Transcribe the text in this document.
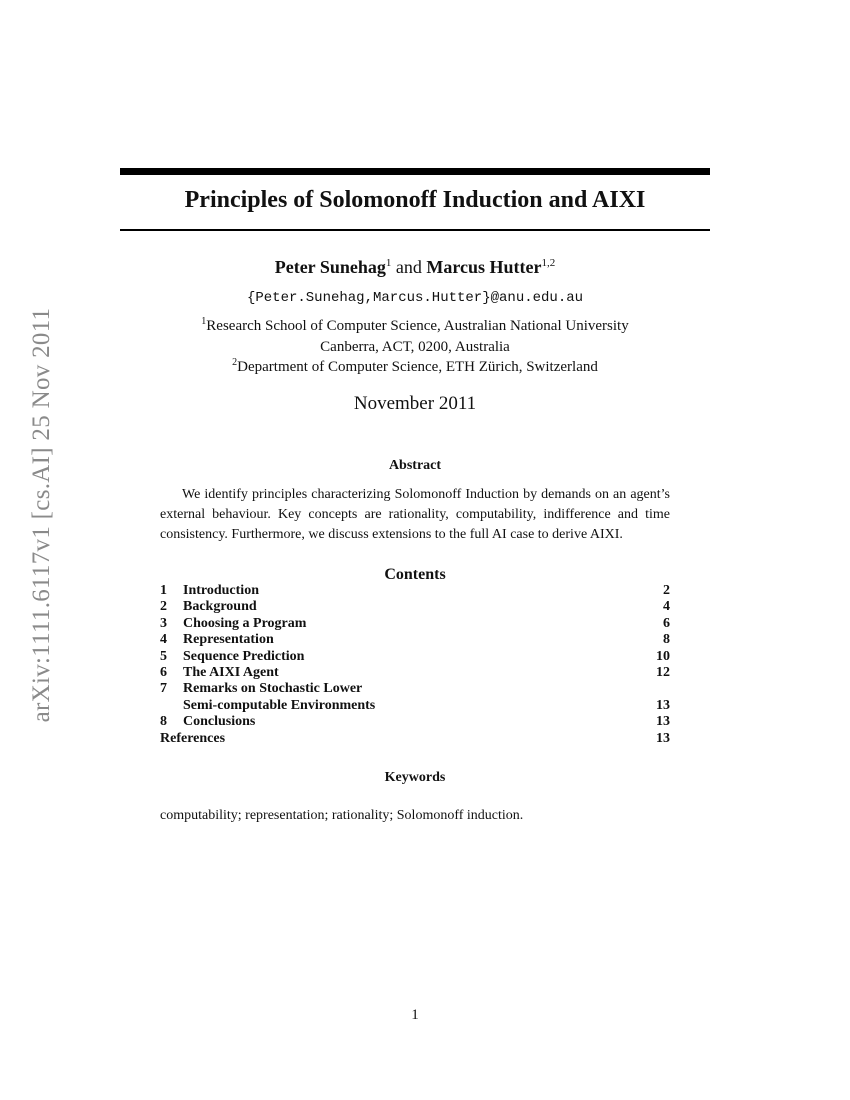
arXiv:1111.6117v1 [cs.AI] 25 Nov 2011
Principles of Solomonoff Induction and AIXI
Peter Sunehag$^1$ and Marcus Hutter$^{1,2}$
{Peter.Sunehag,Marcus.Hutter}@anu.edu.au
$^1$Research School of Computer Science, Australian National University
Canberra, ACT, 0200, Australia
$^2$Department of Computer Science, ETH Zürich, Switzerland
November 2011
Abstract

We identify principles characterizing Solomonoff Induction by demands on an agent’s external behaviour. Key concepts are rationality, computability, indifference and time consistency. Furthermore, we discuss extensions to the full AI case to derive AIXI.

Contents
1 Introduction	2
2 Background	4
3 Choosing a Program	6
4 Representation	8
5 Sequence Prediction	10
6 The AIXI Agent	12
7 Remarks on Stochastic Lower
Semi-computable Environments	13
8 Conclusions	13
References	13
Keywords
computability; representation; rationality; Solomonoff induction.
1
